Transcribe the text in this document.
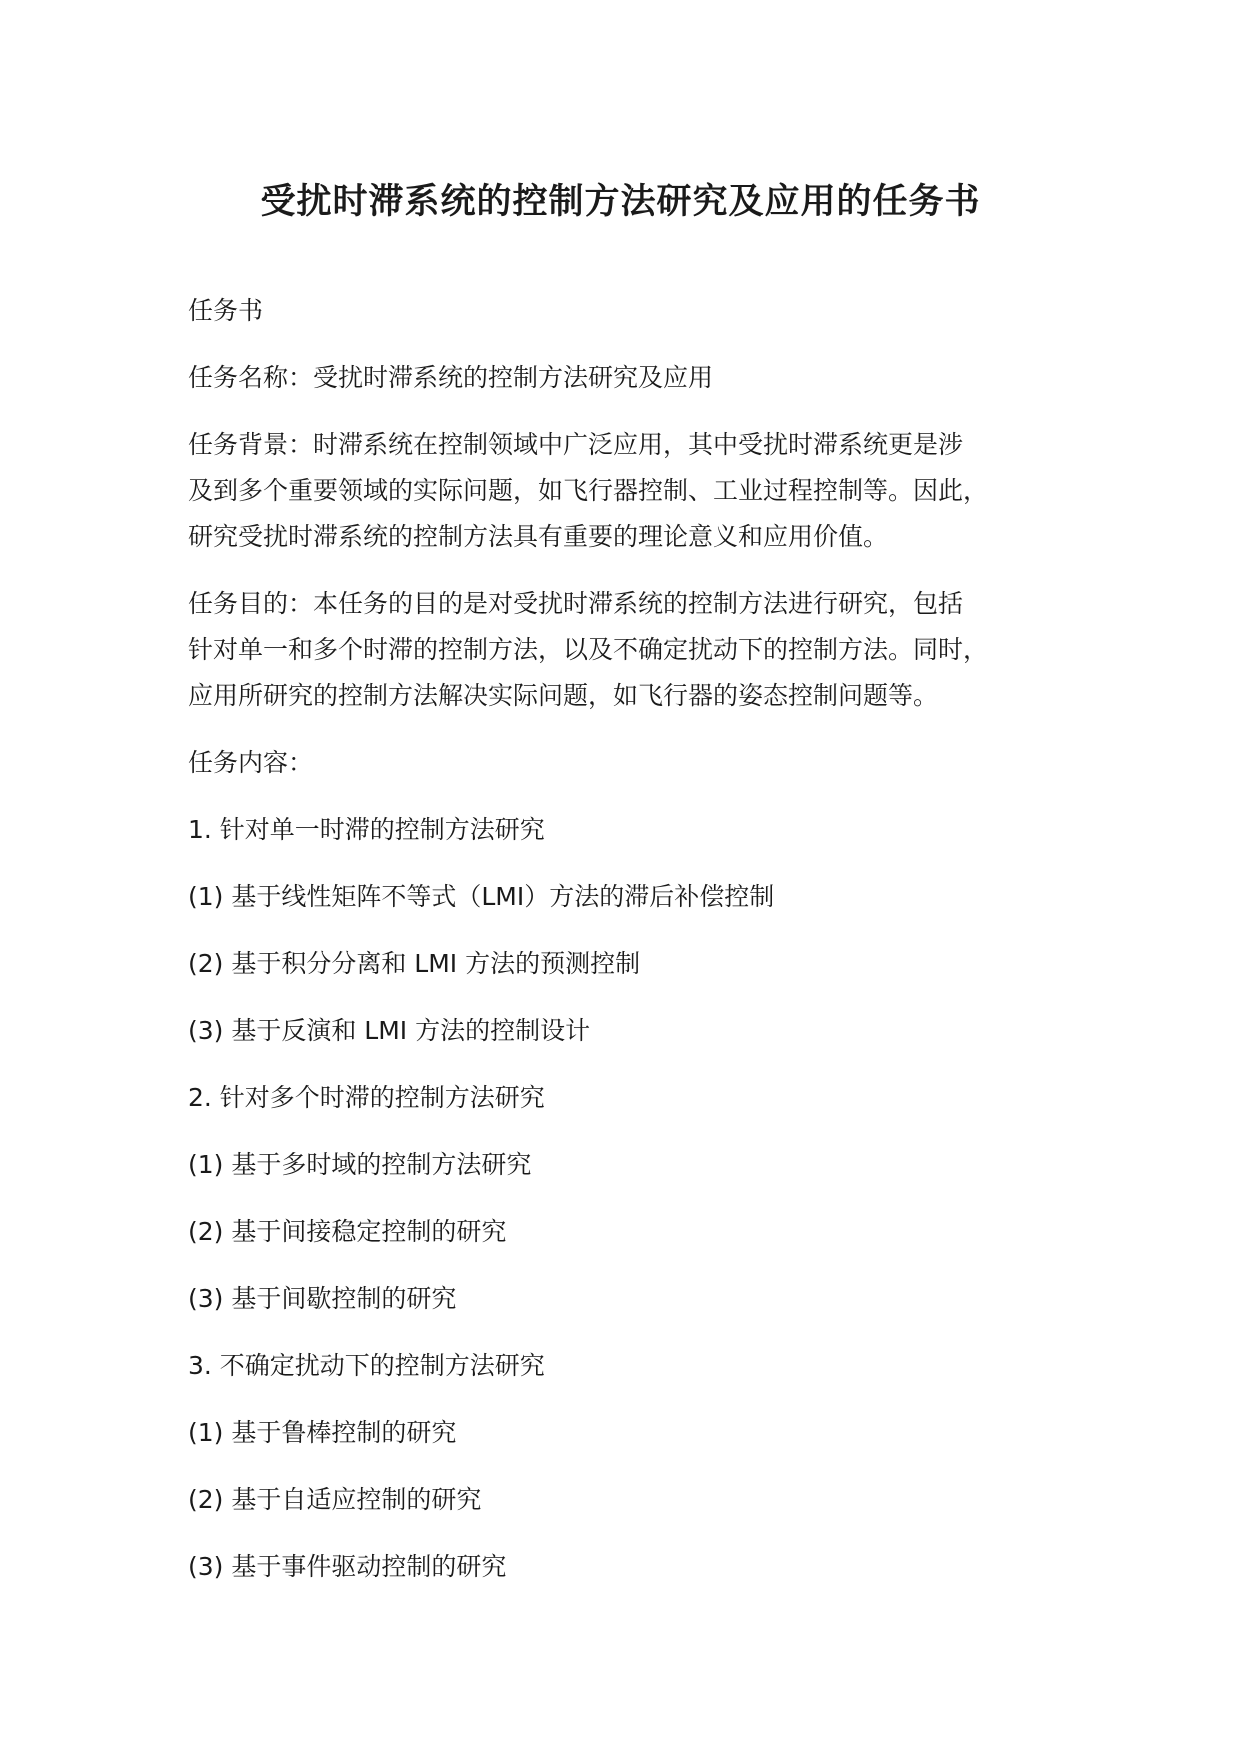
受扰时滞系统的控制方法研究及应用的任务书

任务书

任务名称：受扰时滞系统的控制方法研究及应用

任务背景：时滞系统在控制领域中广泛应用，其中受扰时滞系统更是涉

及到多个重要领域的实际问题，如飞行器控制、工业过程控制等。因此，

研究受扰时滞系统的控制方法具有重要的理论意义和应用价值。

任务目的：本任务的目的是对受扰时滞系统的控制方法进行研究，包括

针对单一和多个时滞的控制方法，以及不确定扰动下的控制方法。同时，

应用所研究的控制方法解决实际问题，如飞行器的姿态控制问题等。

任务内容：

1. 针对单一时滞的控制方法研究

(1) 基于线性矩阵不等式（LMI）方法的滞后补偿控制

(2) 基于积分分离和 LMI 方法的预测控制

(3) 基于反演和 LMI 方法的控制设计

2. 针对多个时滞的控制方法研究

(1) 基于多时域的控制方法研究

(2) 基于间接稳定控制的研究

(3) 基于间歇控制的研究

3. 不确定扰动下的控制方法研究

(1) 基于鲁棒控制的研究

(2) 基于自适应控制的研究

(3) 基于事件驱动控制的研究
